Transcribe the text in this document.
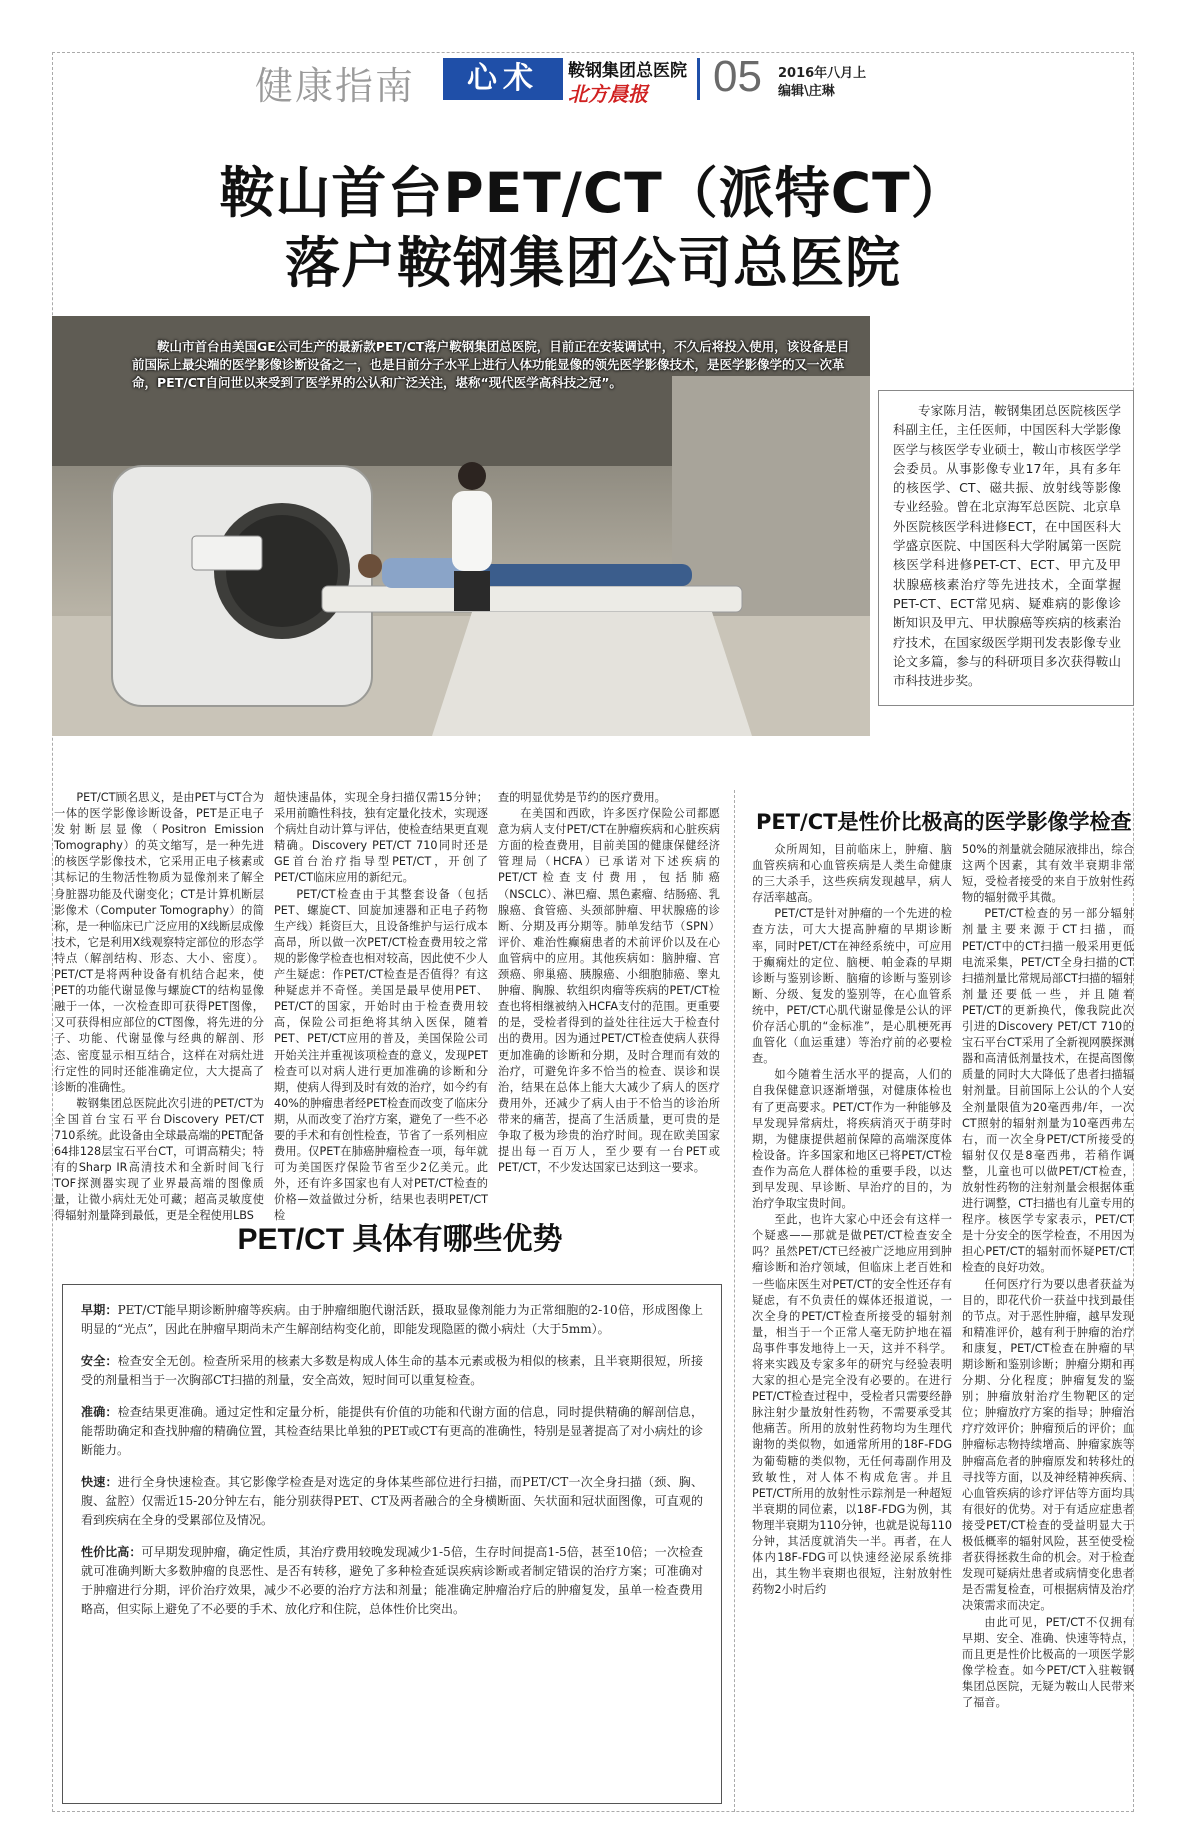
健康指南	心术	鞍钢集团总医院
北方晨报 05 2016年八月上
编辑\庄琳
鞍山首台PET/CT（派特CT）
落户鞍钢集团公司总医院
鞍山市首台由美国GE公司生产的最新款PET/CT落户鞍钢集团总医院，目前正在安装调试中，不久后将投入使用，该设备是目前国际上最尖端的医学影像诊断设备之一，也是目前分子水平上进行人体功能显像的领先医学影像技术，是医学影像学的又一次革命，PET/CT自问世以来受到了医学界的公认和广泛关注，堪称“现代医学高科技之冠”。
专家陈月洁，鞍钢集团总医院核医学科副主任，主任医师，中国医科大学影像医学与核医学专业硕士，鞍山市核医学学会委员。从事影像专业17年，具有多年的核医学、CT、磁共振、放射线等影像专业经验。曾在北京海军总医院、北京阜外医院核医学科进修ECT，在中国医科大学盛京医院、中国医科大学附属第一医院核医学科进修PET-CT、ECT、甲亢及甲状腺癌核素治疗等先进技术，全面掌握PET-CT、ECT常见病、疑难病的影像诊断知识及甲亢、甲状腺癌等疾病的核素治疗技术，在国家级医学期刊发表影像专业论文多篇，参与的科研项目多次获得鞍山市科技进步奖。

PET/CT顾名思义，是由PET与CT合为一体的医学影像诊断设备，PET是正电子发射断层显像（Positron Emission Tomography）的英文缩写，是一种先进的核医学影像技术，它采用正电子核素或其标记的生物活性物质为显像剂来了解全身脏器功能及代谢变化；CT是计算机断层影像术（Computer Tomography）的简称，是一种临床已广泛应用的X线断层成像技术，它是利用X线观察特定部位的形态学特点（解剖结构、形态、大小、密度）。PET/CT是将两种设备有机结合起来，使PET的功能代谢显像与螺旋CT的结构显像融于一体，一次检查即可获得PET图像，又可获得相应部位的CT图像，将先进的分子、功能、代谢显像与经典的解剖、形态、密度显示相互结合，这样在对病灶进行定性的同时还能准确定位，大大提高了诊断的准确性。

鞍钢集团总医院此次引进的PET/CT为全国首台宝石平台Discovery PET/CT 710系统。此设备由全球最高端的PET配备64排128层宝石平台CT，可谓高精尖；特有的Sharp IR高清技术和全新时间飞行TOF探测器实现了业界最高端的图像质量，让微小病灶无处可藏；超高灵敏度使得辐射剂量降到最低，更是全程使用LBS

超快速晶体，实现全身扫描仅需15分钟；采用前瞻性科技，独有定量化技术，实现逐个病灶自动计算与评估，使检查结果更直观精确。Discovery PET/CT 710同时还是GE首台治疗指导型PET/CT，开创了PET/CT临床应用的新纪元。

PET/CT检查由于其整套设备（包括PET、螺旋CT、回旋加速器和正电子药物生产线）耗资巨大，且设备维护与运行成本高昂，所以做一次PET/CT检查费用较之常规的影像学检查也相对较高，因此使不少人产生疑虑：作PET/CT检查是否值得？有这种疑虑并不奇怪。美国是最早使用PET、PET/CT的国家，开始时由于检查费用较高，保险公司拒绝将其纳入医保，随着PET、PET/CT应用的普及，美国保险公司开始关注并重视该项检查的意义，发现PET检查可以对病人进行更加准确的诊断和分期，使病人得到及时有效的治疗，如今约有40%的肿瘤患者经PET检查而改变了临床分期，从而改变了治疗方案，避免了一些不必要的手术和有创性检查，节省了一系列相应费用。仅PET在肺癌肿瘤检查一项，每年就可为美国医疗保险节省至少2亿美元。此外，还有许多国家也有人对PET/CT检查的价格—效益做过分析，结果也表明PET/CT检

查的明显优势是节约的医疗费用。

在美国和西欧，许多医疗保险公司都愿意为病人支付PET/CT在肿瘤疾病和心脏疾病方面的检查费用，目前美国的健康保健经济管理局（HCFA）已承诺对下述疾病的PET/CT检查支付费用，包括肺癌（NSCLC）、淋巴瘤、黑色素瘤、结肠癌、乳腺癌、食管癌、头颈部肿瘤、甲状腺癌的诊断、分期及再分期等。肺单发结节（SPN）评价、难治性癫痫患者的术前评价以及在心血管病中的应用。其他疾病如：脑肿瘤、宫颈癌、卵巢癌、胰腺癌、小细胞肺癌、睾丸肿瘤、胸腺、软组织肉瘤等疾病的PET/CT检查也将相继被纳入HCFA支付的范围。更重要的是，受检者得到的益处往往远大于检查付出的费用。因为通过PET/CT检查使病人获得更加准确的诊断和分期，及时合理而有效的治疗，可避免许多不恰当的检查、误诊和误治，结果在总体上能大大减少了病人的医疗费用外，还减少了病人由于不恰当的诊治所带来的痛苦，提高了生活质量，更可贵的是争取了极为珍贵的治疗时间。现在欧美国家提出每一百万人，至少要有一台PET或PET/CT，不少发达国家已达到这一要求。

PET/CT是性价比极高的医学影像学检查

众所周知，目前临床上，肿瘤、脑血管疾病和心血管疾病是人类生命健康的三大杀手，这些疾病发现越早，病人存活率越高。

PET/CT是针对肿瘤的一个先进的检查方法，可大大提高肿瘤的早期诊断率，同时PET/CT在神经系统中，可应用于癫痫灶的定位、脑梗、帕金森的早期诊断与鉴别诊断、脑瘤的诊断与鉴别诊断、分级、复发的鉴别等，在心血管系统中，PET/CT心肌代谢显像是公认的评价存活心肌的“金标准”，是心肌梗死再血管化（血运重建）等治疗前的必要检查。

如今随着生活水平的提高，人们的自我保健意识逐渐增强，对健康体检也有了更高要求。PET/CT作为一种能够及早发现异常病灶，将疾病消灭于萌芽时期，为健康提供超前保障的高端深度体检设备。许多国家和地区已将PET/CT检查作为高危人群体检的重要手段，以达到早发现、早诊断、早治疗的目的，为治疗争取宝贵时间。

至此，也许大家心中还会有这样一个疑惑——那就是做PET/CT检查安全吗？虽然PET/CT已经被广泛地应用到肿瘤诊断和治疗领域，但临床上老百姓和一些临床医生对PET/CT的安全性还存有疑虑，有不负责任的媒体还报道说，一次全身的PET/CT检查所接受的辐射剂量，相当于一个正常人毫无防护地在福岛事件事发地待上一天，这并不科学。将来实践及专家多年的研究与经验表明大家的担心是完全没有必要的。在进行PET/CT检查过程中，受检者只需要经静脉注射少量放射性药物，不需要承受其他痛苦。所用的放射性药物均为生理代谢物的类似物，如通常所用的18F-FDG为葡萄糖的类似物，无任何毒副作用及致敏性，对人体不构成危害。并且PET/CT所用的放射性示踪剂是一种超短半衰期的同位素，以18F-FDG为例，其物理半衰期为110分钟，也就是说每110分钟，其活度就消失一半。再者，在人体内18F-FDG可以快速经泌尿系统排出，其生物半衰期也很短，注射放射性药物2小时后约

50%的剂量就会随尿液排出，综合这两个因素，其有效半衰期非常短，受检者接受的来自于放射性药物的辐射微乎其微。

PET/CT检查的另一部分辐射剂量主要来源于CT扫描，而PET/CT中的CT扫描一般采用更低电流采集，PET/CT全身扫描的CT扫描剂量比常规局部CT扫描的辐射剂量还要低一些，并且随着PET/CT的更新换代，像我院此次引进的Discovery PET/CT 710的宝石平台CT采用了全新视网膜探测器和高清低剂量技术，在提高图像质量的同时大大降低了患者扫描辐射剂量。目前国际上公认的个人安全剂量限值为20毫西弗/年，一次CT照射的辐射剂量为10毫西弗左右，而一次全身PET/CT所接受的辐射仅仅是8毫西弗，若稍作调整，儿童也可以做PET/CT检查，放射性药物的注射剂量会根据体重进行调整，CT扫描也有儿童专用的程序。核医学专家表示，PET/CT是十分安全的医学检查，不用因为担心PET/CT的辐射而怀疑PET/CT检查的良好功效。

任何医疗行为要以患者获益为目的，即花代价一获益中找到最佳的节点。对于恶性肿瘤，越早发现和精准评价，越有利于肿瘤的治疗和康复，PET/CT检查在肿瘤的早期诊断和鉴别诊断；肿瘤分期和再分期、分化程度；肿瘤复发的鉴别；肿瘤放射治疗生物靶区的定位；肿瘤放疗方案的指导；肿瘤治疗疗效评价；肿瘤预后的评价；血肿瘤标志物持续增高、肿瘤家族等肿瘤高危者的肿瘤原发和转移灶的寻找等方面，以及神经精神疾病、心血管疾病的诊疗评估等方面均具有很好的优势。对于有适应症患者接受PET/CT检查的受益明显大于极低概率的辐射风险，甚至使受检者获得拯救生命的机会。对于检查发现可疑病灶患者或病情变化患者是否需复检查，可根据病情及治疗决策需求而决定。

由此可见，PET/CT不仅拥有早期、安全、准确、快速等特点，而且更是性价比极高的一项医学影像学检查。如今PET/CT入驻鞍钢集团总医院，无疑为鞍山人民带来了福音。

PET/CT 具体有哪些优势
早期：PET/CT能早期诊断肿瘤等疾病。由于肿瘤细胞代谢活跃，摄取显像剂能力为正常细胞的2-10倍，形成图像上明显的“光点”，因此在肿瘤早期尚未产生解剖结构变化前，即能发现隐匿的微小病灶（大于5mm）。
安全：检查安全无创。检查所采用的核素大多数是构成人体生命的基本元素或极为相似的核素，且半衰期很短，所接受的剂量相当于一次胸部CT扫描的剂量，安全高效，短时间可以重复检查。
准确：检查结果更准确。通过定性和定量分析，能提供有价值的功能和代谢方面的信息，同时提供精确的解剖信息，能帮助确定和查找肿瘤的精确位置，其检查结果比单独的PET或CT有更高的准确性，特别是显著提高了对小病灶的诊断能力。
快速：进行全身快速检查。其它影像学检查是对选定的身体某些部位进行扫描，而PET/CT一次全身扫描（颈、胸、腹、盆腔）仅需近15-20分钟左右，能分别获得PET、CT及两者融合的全身横断面、矢状面和冠状面图像，可直观的看到疾病在全身的受累部位及情况。
性价比高：可早期发现肿瘤，确定性质，其治疗费用较晚发现减少1-5倍，生存时间提高1-5倍，甚至10倍；一次检查就可准确判断大多数肿瘤的良恶性、是否有转移，避免了多种检查延误疾病诊断或者制定错误的治疗方案；可准确对于肿瘤进行分期，评价治疗效果，减少不必要的治疗方法和剂量；能准确定肿瘤治疗后的肿瘤复发，虽单一检查费用略高，但实际上避免了不必要的手术、放化疗和住院，总体性价比突出。
